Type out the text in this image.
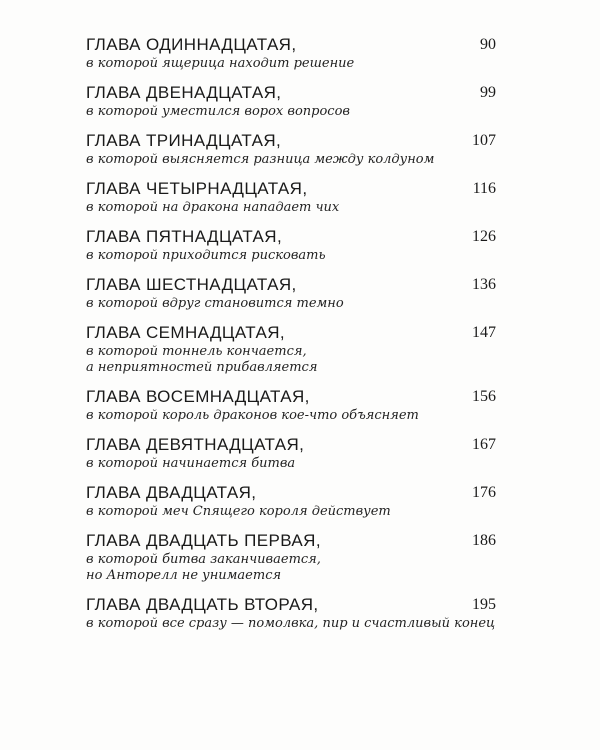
ГЛАВА ОДИННАДЦАТАЯ,
в которой ящерица находит решение
90
ГЛАВА ДВЕНАДЦАТАЯ,
в которой уместился ворох вопросов
99
ГЛАВА ТРИНАДЦАТАЯ,
в которой выясняется разница между колдуном
107
ГЛАВА ЧЕТЫРНАДЦАТАЯ,
в которой на дракона нападает чих
116
ГЛАВА ПЯТНАДЦАТАЯ,
в которой приходится рисковать
126
ГЛАВА ШЕСТНАДЦАТАЯ,
в которой вдруг становится темно
136
ГЛАВА СЕМНАДЦАТАЯ,
в которой тоннель кончается,
а неприятностей прибавляется
147
ГЛАВА ВОСЕМНАДЦАТАЯ,
в которой король драконов кое-что объясняет
156
ГЛАВА ДЕВЯТНАДЦАТАЯ,
в которой начинается битва
167
ГЛАВА ДВАДЦАТАЯ,
в которой меч Спящего короля действует
176
ГЛАВА ДВАДЦАТЬ ПЕРВАЯ,
в которой битва заканчивается,
но Анторелл не унимается
186
ГЛАВА ДВАДЦАТЬ ВТОРАЯ,
в которой все сразу — помолвка, пир и счастливый конец
195
